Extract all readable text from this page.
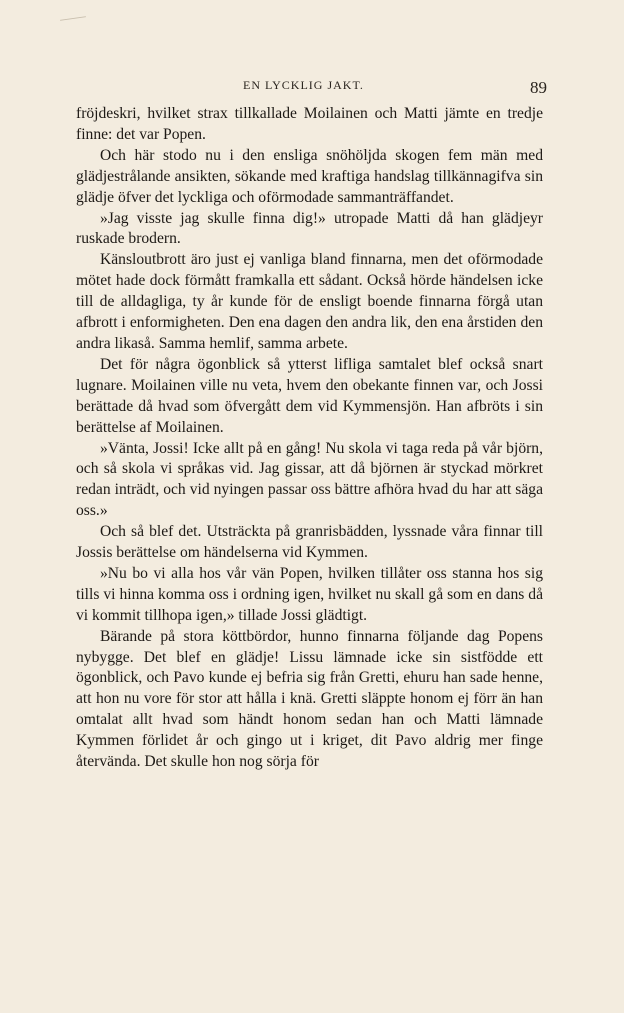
EN LYCKLIG JAKT.	89

fröjdeskri, hvilket strax tillkallade Moilainen och Matti jämte en tredje finne: det var Popen.

Och här stodo nu i den ensliga snöhöljda skogen fem män med glädjestrålande ansikten, sökande med kraftiga handslag tillkännagifva sin glädje öfver det lyckliga och oförmodade sammanträffandet.

»Jag visste jag skulle finna dig!» utropade Matti då han glädjeyr ruskade brodern.

Känsloutbrott äro just ej vanliga bland finnarna, men det oförmodade mötet hade dock förmått framkalla ett sådant. Också hörde händelsen icke till de alldagliga, ty år kunde för de ensligt boende finnarna förgå utan afbrott i enformigheten. Den ena dagen den andra lik, den ena årstiden den andra likaså. Samma hemlif, samma arbete.

Det för några ögonblick så ytterst lifliga samtalet blef också snart lugnare. Moilainen ville nu veta, hvem den obekante finnen var, och Jossi berättade då hvad som öfvergått dem vid Kymmensjön. Han afbröts i sin berättelse af Moilainen.

»Vänta, Jossi! Icke allt på en gång! Nu skola vi taga reda på vår björn, och så skola vi språkas vid. Jag gissar, att då björnen är styckad mörkret redan inträdt, och vid nyingen passar oss bättre afhöra hvad du har att säga oss.»

Och så blef det. Utsträckta på granrisbädden, lyssnade våra finnar till Jossis berättelse om händelserna vid Kymmen.

»Nu bo vi alla hos vår vän Popen, hvilken tillåter oss stanna hos sig tills vi hinna komma oss i ordning igen, hvilket nu skall gå som en dans då vi kommit tillhopa igen,» tillade Jossi glädtigt.

Bärande på stora köttbördor, hunno finnarna följande dag Popens nybygge. Det blef en glädje! Lissu lämnade icke sin sistfödde ett ögonblick, och Pavo kunde ej befria sig från Gretti, ehuru han sade henne, att hon nu vore för stor att hålla i knä. Gretti släppte honom ej förr än han omtalat allt hvad som händt honom sedan han och Matti lämnade Kymmen förlidet år och gingo ut i kriget, dit Pavo aldrig mer finge återvända. Det skulle hon nog sörja för
